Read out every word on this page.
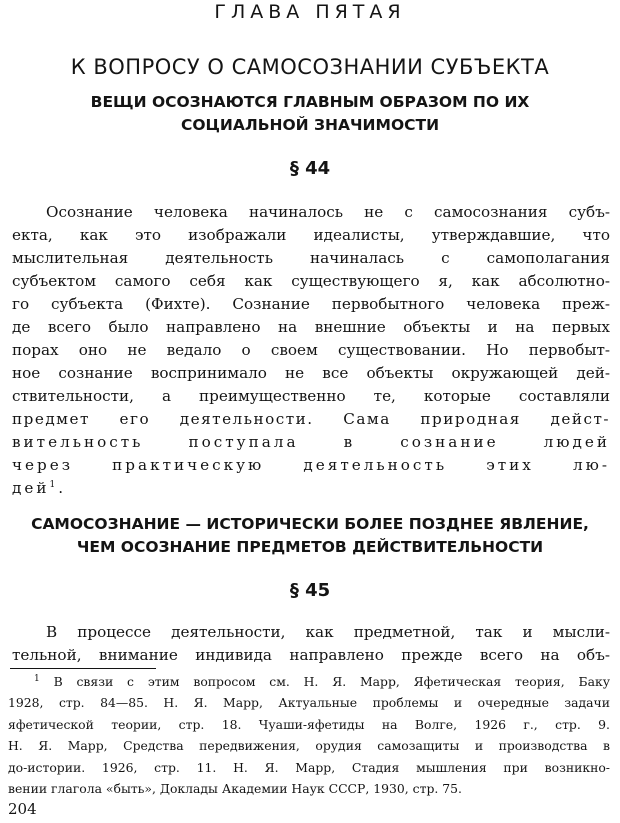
ГЛАВА ПЯТАЯ
К ВОПРОСУ О САМОСОЗНАНИИ СУБЪЕКТА
ВЕЩИ ОСОЗНАЮТСЯ ГЛАВНЫМ ОБРАЗОМ ПО ИХ
СОЦИАЛЬНОЙ ЗНАЧИМОСТИ
§ 44
Осознание человека начиналось не с самосознания субъ-
екта, как это изображали идеалисты, утверждавшие, что
мыслительная деятельность начиналась с самополагания
субъектом самого себя как существующего я, как абсолютно-
го субъекта (Фихте). Сознание первобытного человека преж-
де всего было направлено на внешние объекты и на первых
порах оно не ведало о своем существовании. Но первобыт-
ное сознание воспринимало не все объекты окружающей дей-
ствительности, а преимущественно те, которые составляли
предмет его деятельности. Сама природная дейст-
вительность поступала в сознание людей
через практическую деятельность этих лю-
дей$^1$.
САМОСОЗНАНИЕ — ИСТОРИЧЕСКИ БОЛЕЕ ПОЗДНЕЕ ЯВЛЕНИЕ,
ЧЕМ ОСОЗНАНИЕ ПРЕДМЕТОВ ДЕЙСТВИТЕЛЬНОСТИ
§ 45
В процессе деятельности, как предметной, так и мысли-
тельной, внимание индивида направлено прежде всего на объ-
$^1$ В связи с этим вопросом см. Н. Я. Марр, Яфетическая теория, Баку
1928, стр. 84—85. Н. Я. Марр, Актуальные проблемы и очередные задачи
яфетической теории, стр. 18. Чуаши-яфетиды на Волге, 1926 г., стр. 9.
Н. Я. Марр, Средства передвижения, орудия самозащиты и производства в
до-истории. 1926, стр. 11. Н. Я. Марр, Стадия мышления при возникно-
вении глагола «быть», Доклады Академии Наук СССР, 1930, стр. 75.
204
